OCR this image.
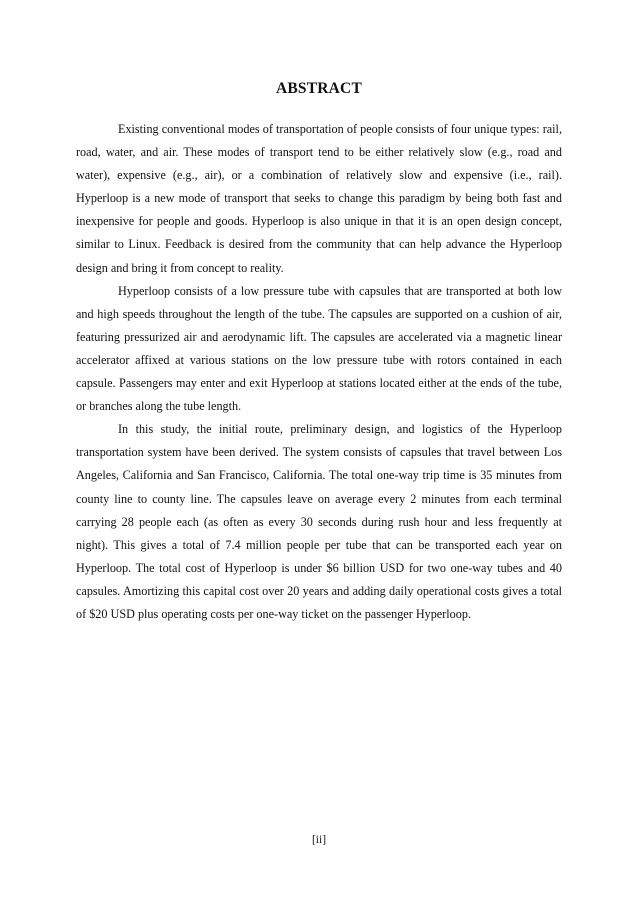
ABSTRACT

Existing conventional modes of transportation of people consists of four unique types: rail, road, water, and air. These modes of transport tend to be either relatively slow (e.g., road and water), expensive (e.g., air), or a combination of relatively slow and expensive (i.e., rail). Hyperloop is a new mode of transport that seeks to change this paradigm by being both fast and inexpensive for people and goods. Hyperloop is also unique in that it is an open design concept, similar to Linux. Feedback is desired from the community that can help advance the Hyperloop design and bring it from concept to reality.

Hyperloop consists of a low pressure tube with capsules that are transported at both low and high speeds throughout the length of the tube. The capsules are supported on a cushion of air, featuring pressurized air and aerodynamic lift. The capsules are accelerated via a magnetic linear accelerator affixed at various stations on the low pressure tube with rotors contained in each capsule. Passengers may enter and exit Hyperloop at stations located either at the ends of the tube, or branches along the tube length.

In this study, the initial route, preliminary design, and logistics of the Hyperloop transportation system have been derived. The system consists of capsules that travel between Los Angeles, California and San Francisco, California. The total one-way trip time is 35 minutes from county line to county line. The capsules leave on average every 2 minutes from each terminal carrying 28 people each (as often as every 30 seconds during rush hour and less frequently at night). This gives a total of 7.4 million people per tube that can be transported each year on Hyperloop. The total cost of Hyperloop is under $6 billion USD for two one-way tubes and 40 capsules. Amortizing this capital cost over 20 years and adding daily operational costs gives a total of $20 USD plus operating costs per one-way ticket on the passenger Hyperloop.

[ii]
